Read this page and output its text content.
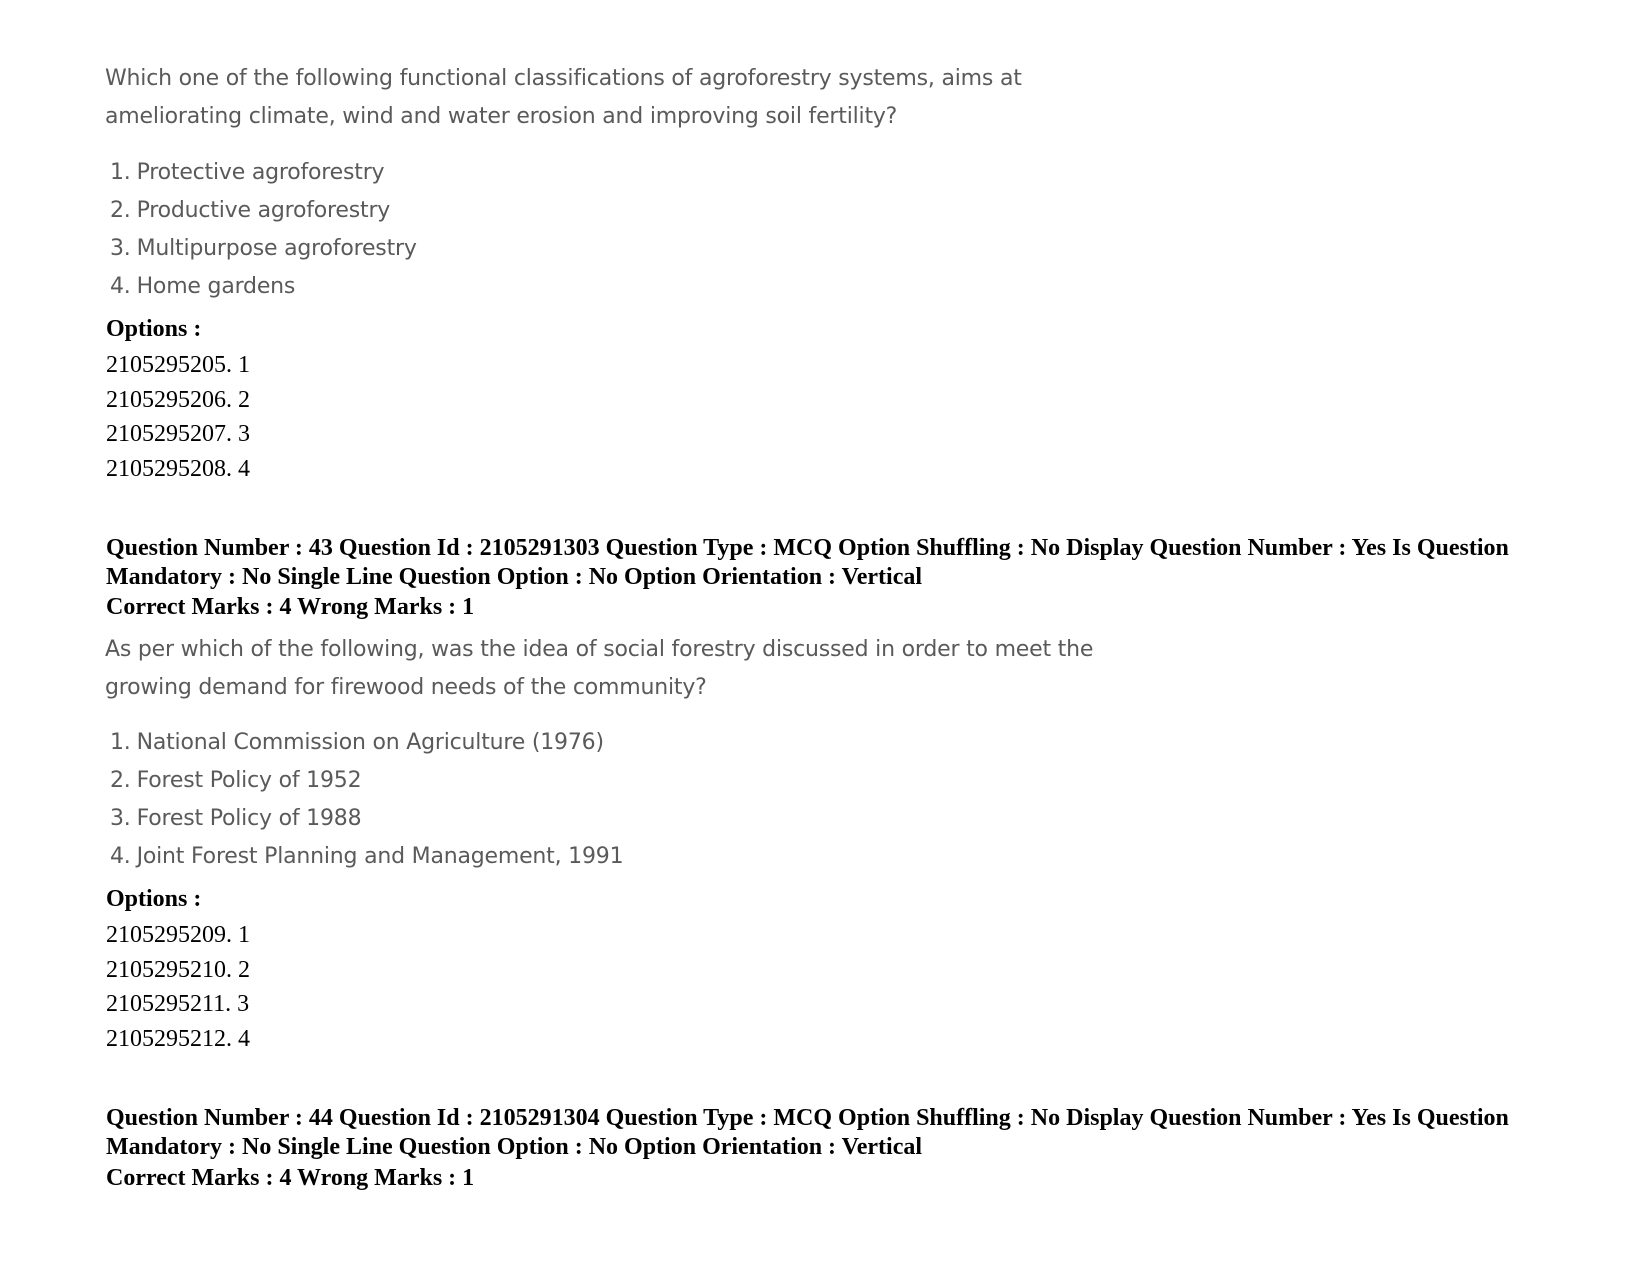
Which one of the following functional classifications of agroforestry systems, aims at
ameliorating climate, wind and water erosion and improving soil fertility?
1. Protective agroforestry
2. Productive agroforestry
3. Multipurpose agroforestry
4. Home gardens
Options :
2105295205. 1
2105295206. 2
2105295207. 3
2105295208. 4
Question Number : 43 Question Id : 2105291303 Question Type : MCQ Option Shuffling : No Display Question Number : Yes Is Question Mandatory : No Single Line Question Option : No Option Orientation : Vertical
Correct Marks : 4 Wrong Marks : 1
As per which of the following, was the idea of social forestry discussed in order to meet the
growing demand for firewood needs of the community?
1. National Commission on Agriculture (1976)
2. Forest Policy of 1952
3. Forest Policy of 1988
4. Joint Forest Planning and Management, 1991
Options :
2105295209. 1
2105295210. 2
2105295211. 3
2105295212. 4
Question Number : 44 Question Id : 2105291304 Question Type : MCQ Option Shuffling : No Display Question Number : Yes Is Question Mandatory : No Single Line Question Option : No Option Orientation : Vertical
Correct Marks : 4 Wrong Marks : 1
